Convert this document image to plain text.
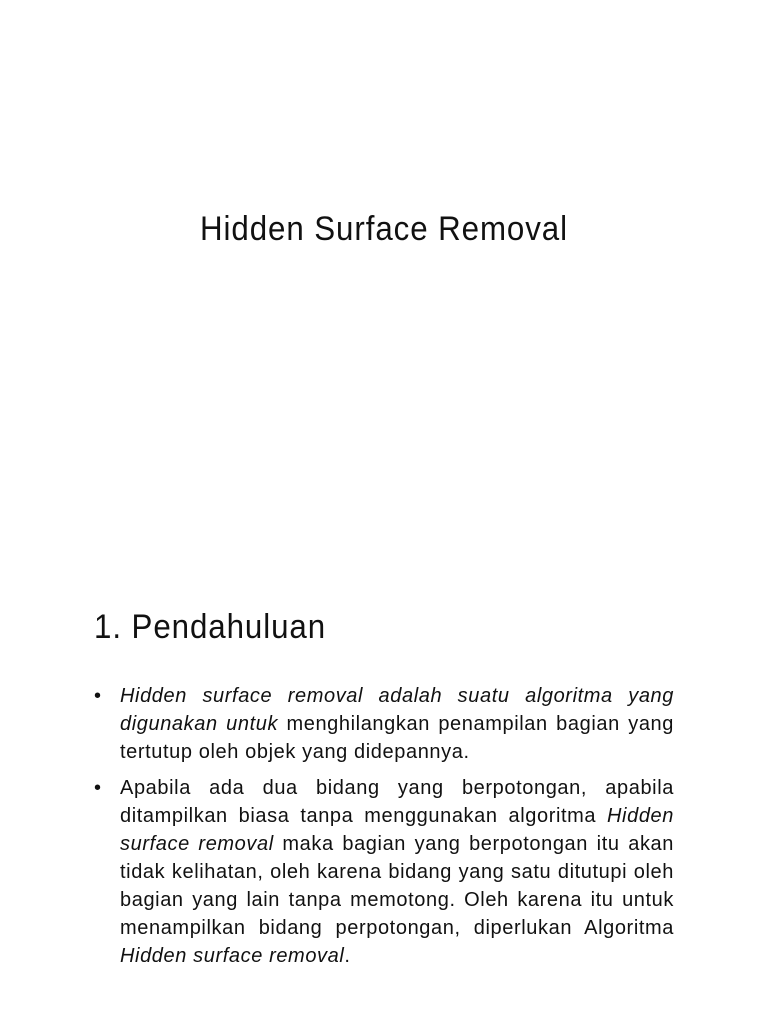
Hidden Surface Removal
1. Pendahuluan
• Hidden surface removal adalah suatu algoritma yang digunakan untuk menghilangkan penampilan bagian yang tertutup oleh objek yang didepannya.
• Apabila ada dua bidang yang berpotongan, apabila ditampilkan biasa tanpa menggunakan algoritma Hidden surface removal maka bagian yang berpotongan itu akan tidak kelihatan, oleh karena bidang yang satu ditutupi oleh bagian yang lain tanpa memotong. Oleh karena itu untuk menampilkan bidang perpotongan, diperlukan Algoritma Hidden surface removal.
